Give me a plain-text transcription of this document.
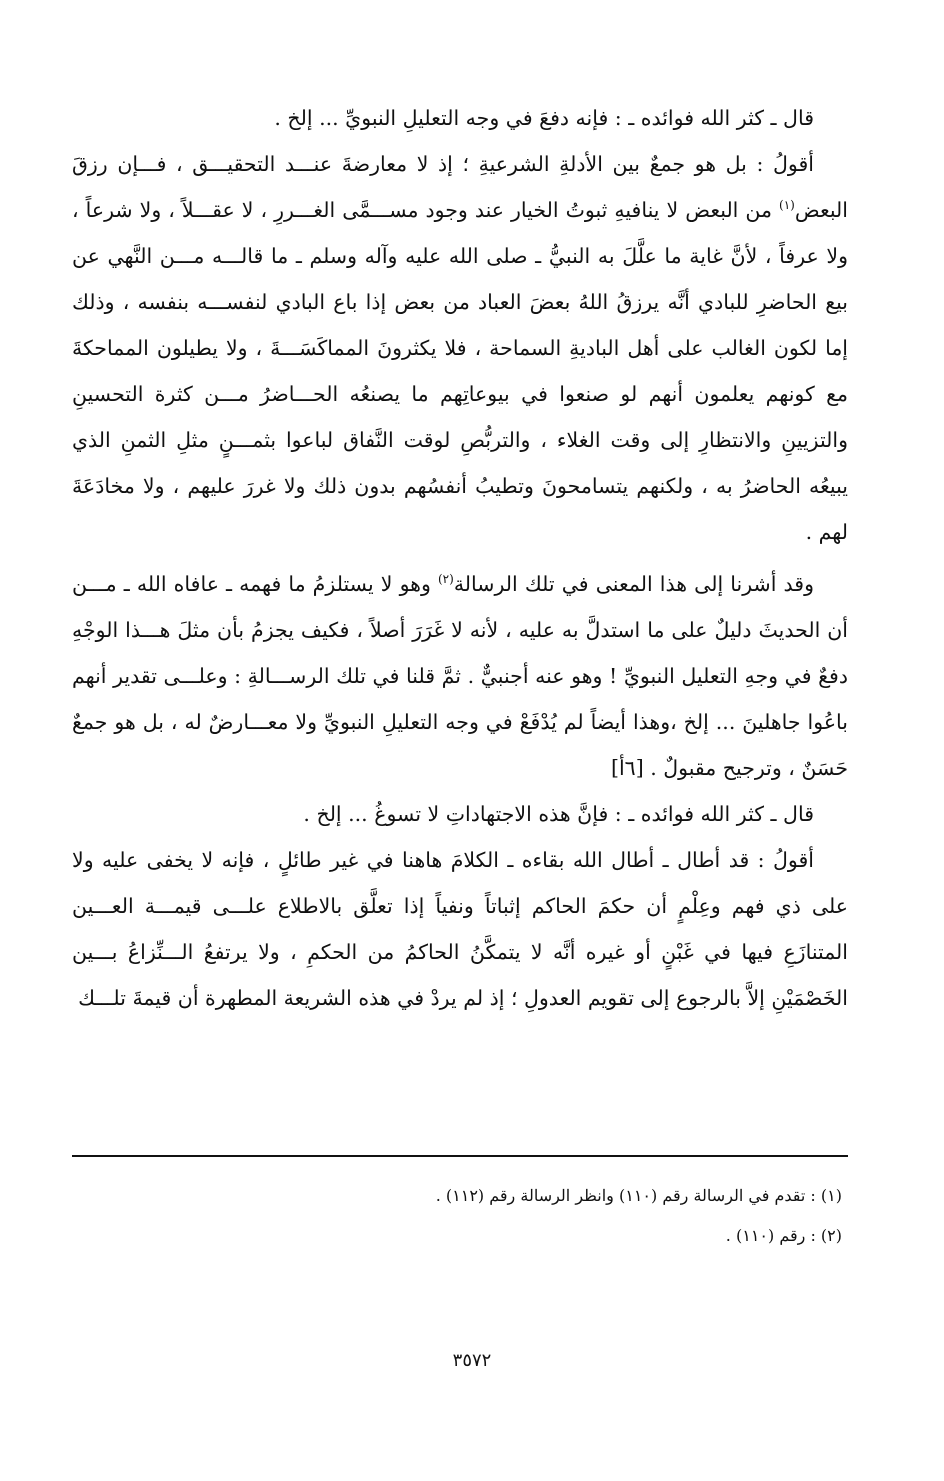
قال ـ كثر الله فوائده ـ : فإنه دفعَ في وجه التعليلِ النبويِّ ... إلخ .

أقولُ : بل هو جمعٌ بين الأدلةِ الشرعيةِ ؛ إذ لا معارضةَ عنـــد التحقيـــق ، فـــإن رزقَ البعض$^{(١)}$ من البعض لا ينافيهِ ثبوتُ الخيار عند وجود مســـمَّى الغـــررِ ، لا عقـــلاً ، ولا شرعاً ، ولا عرفاً ، لأنَّ غاية ما علَّلَ به النبيُّ ـ صلى الله عليه وآله وسلم ـ ما قالـــه مـــن النَّهي عن بيع الحاضرِ للبادي أنَّه يرزقُ اللهُ بعضَ العباد من بعض إذا باع البادي لنفســـه بنفسه ، وذلك إما لكون الغالب على أهل الباديةِ السماحة ، فلا يكثرونَ المماكَسَـــةَ ، ولا يطيلون المماحكةَ مع كونهم يعلمون أنهم لو صنعوا في بيوعاتِهم ما يصنعُه الحـــاضرُ مـــن كثرة التحسينِ والتزيينِ والانتظارِ إلى وقت الغلاء ، والتربُّصِ لوقت النَّفاق لباعوا بثمـــنٍ مثلِ الثمنِ الذي يبيعُه الحاضرُ به ، ولكنهم يتسامحونَ وتطيبُ أنفسُهم بدون ذلك ولا غررَ عليهم ، ولا مخادَعَةَ لهم .

وقد أشرنا إلى هذا المعنى في تلك الرسالة$^{(٢)}$ وهو لا يستلزمُ ما فهمه ـ عافاه الله ـ مـــن أن الحديثَ دليلٌ على ما استدلَّ به عليه ، لأنه لا غَرَرَ أصلاً ، فكيف يجزمُ بأن مثلَ هـــذا الوجْهِ دفعٌ في وجهِ التعليل النبويِّ ! وهو عنه أجنبيٌّ . ثمَّ قلنا في تلك الرســـالةِ : وعلـــى تقدير أنهم باعُوا جاهلينَ ... إلخ ،وهذا أيضاً لم يُدْفَعْ في وجه التعليلِ النبويِّ ولا معـــارضٌ له ، بل هو جمعٌ حَسَنٌ ، وترجيح مقبولٌ . [٦أ]

قال ـ كثر الله فوائده ـ : فإنَّ هذه الاجتهاداتِ لا تسوغُ ... إلخ .

أقولُ : قد أطال ـ أطال الله بقاءه ـ الكلامَ هاهنا في غير طائلٍ ، فإنه لا يخفى عليه ولا على ذي فهم وعِلْمٍ أن حكمَ الحاكم إثباتاً ونفياً إذا تعلَّق بالاطلاع علـــى قيمـــة العـــين المتنازَعِ فيها في غَبْنٍ أو غيره أنَّه لا يتمكَّنُ الحاكمُ من الحكمِ ، ولا يرتفعُ الـــنِّزاعُ بـــين الخَصْمَيْنِ إلاَّ بالرجوع إلى تقويم العدولِ ؛ إذ لم يردْ في هذه الشريعة المطهرة أن قيمةَ تلـــك

(١) : تقدم في الرسالة رقم (١١٠) وانظر الرسالة رقم (١١٢) .

(٢) : رقم (١١٠) .

٣٥٧٢
